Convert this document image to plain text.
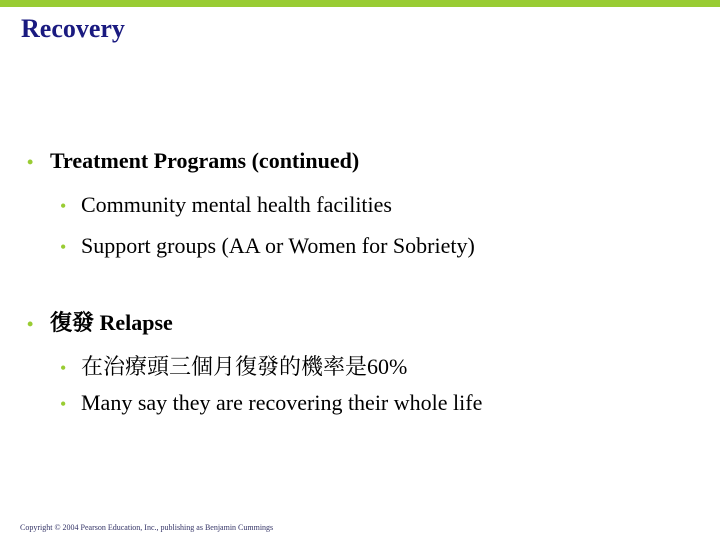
Recovery
• Treatment Programs (continued)
• Community mental health facilities
• Support groups (AA or Women for Sobriety)
• 復發 Relapse
• 在治療頭三個月復發的機率是60%
• Many say they are recovering their whole life
Copyright © 2004 Pearson Education, Inc., publishing as Benjamin Cummings
